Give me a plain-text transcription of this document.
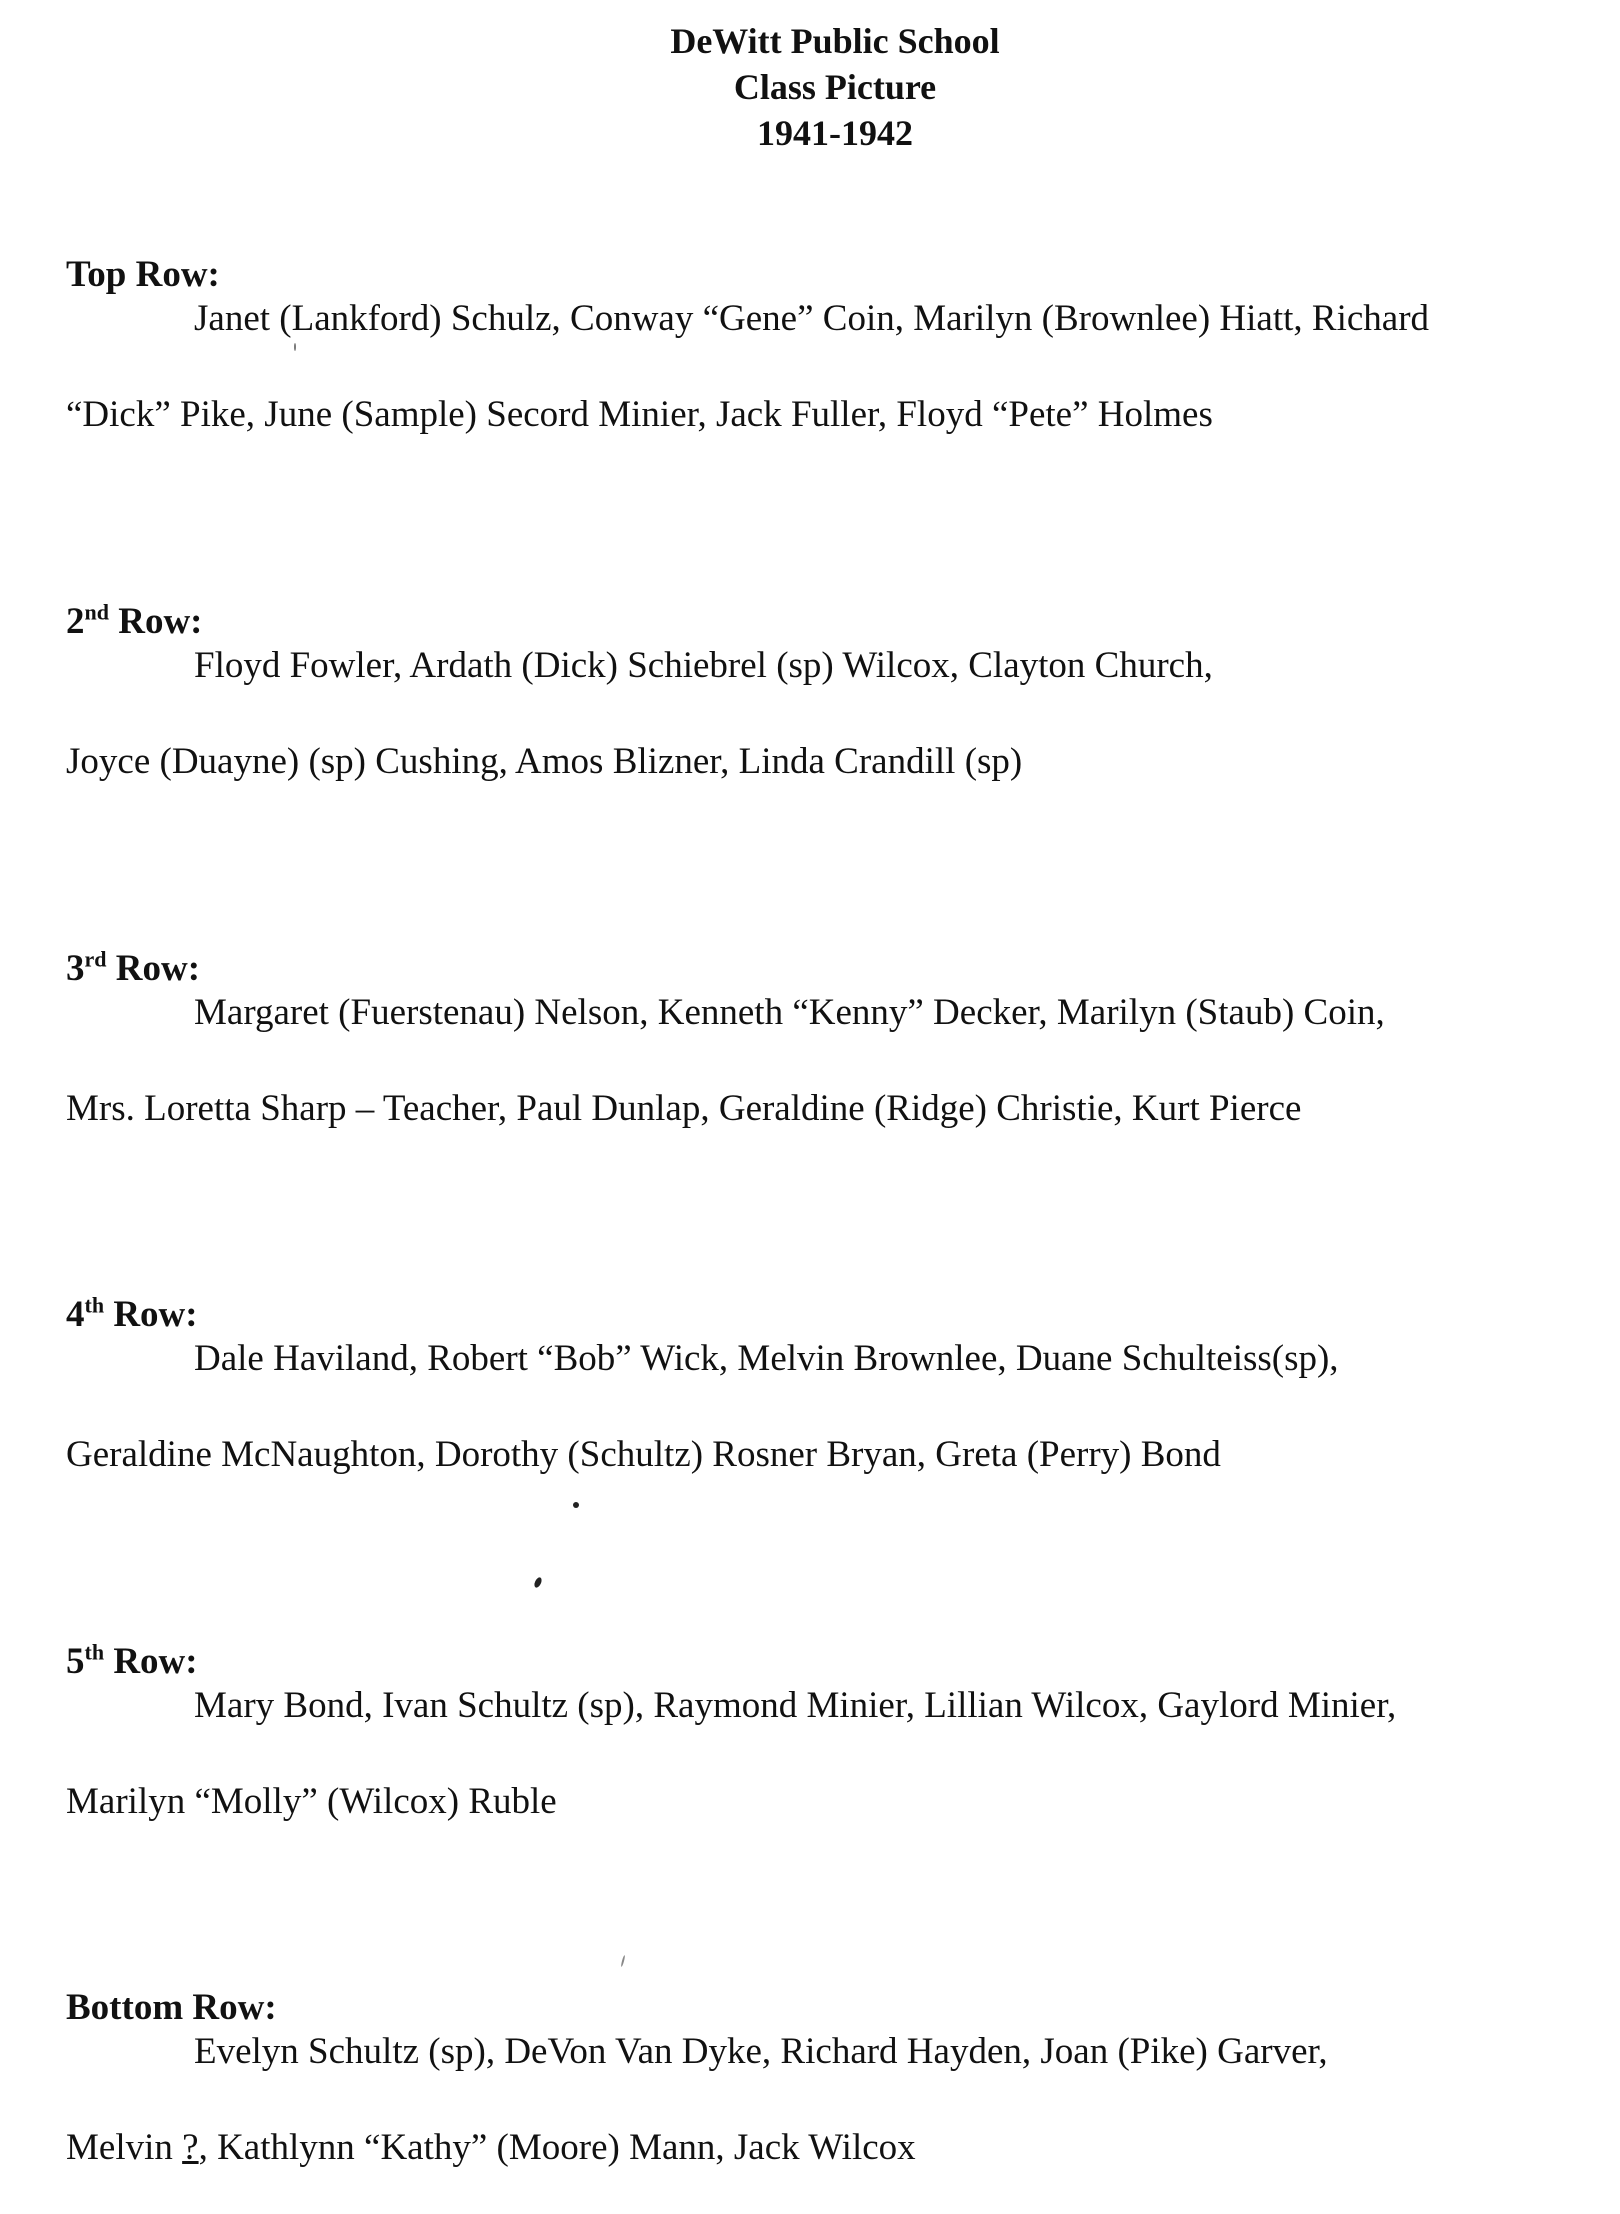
DeWitt Public School
Class Picture
1941-1942
Top Row:
Janet (Lankford) Schulz, Conway “Gene” Coin, Marilyn (Brownlee) Hiatt, Richard
“Dick” Pike, June (Sample) Secord Minier, Jack Fuller, Floyd “Pete” Holmes
2nd Row:
Floyd Fowler, Ardath (Dick) Schiebrel (sp) Wilcox, Clayton Church,
Joyce (Duayne) (sp) Cushing, Amos Blizner, Linda Crandill (sp)
3rd Row:
Margaret (Fuerstenau) Nelson, Kenneth “Kenny” Decker, Marilyn (Staub) Coin,
Mrs. Loretta Sharp – Teacher, Paul Dunlap, Geraldine (Ridge) Christie, Kurt Pierce
4th Row:
Dale Haviland, Robert “Bob” Wick, Melvin Brownlee, Duane Schulteiss(sp),
Geraldine McNaughton, Dorothy (Schultz) Rosner Bryan, Greta (Perry) Bond
5th Row:
Mary Bond, Ivan Schultz (sp), Raymond Minier, Lillian Wilcox, Gaylord Minier,
Marilyn “Molly” (Wilcox) Ruble
Bottom Row:
Evelyn Schultz (sp), DeVon Van Dyke, Richard Hayden, Joan (Pike) Garver,
Melvin ?, Kathlynn “Kathy” (Moore) Mann, Jack Wilcox
